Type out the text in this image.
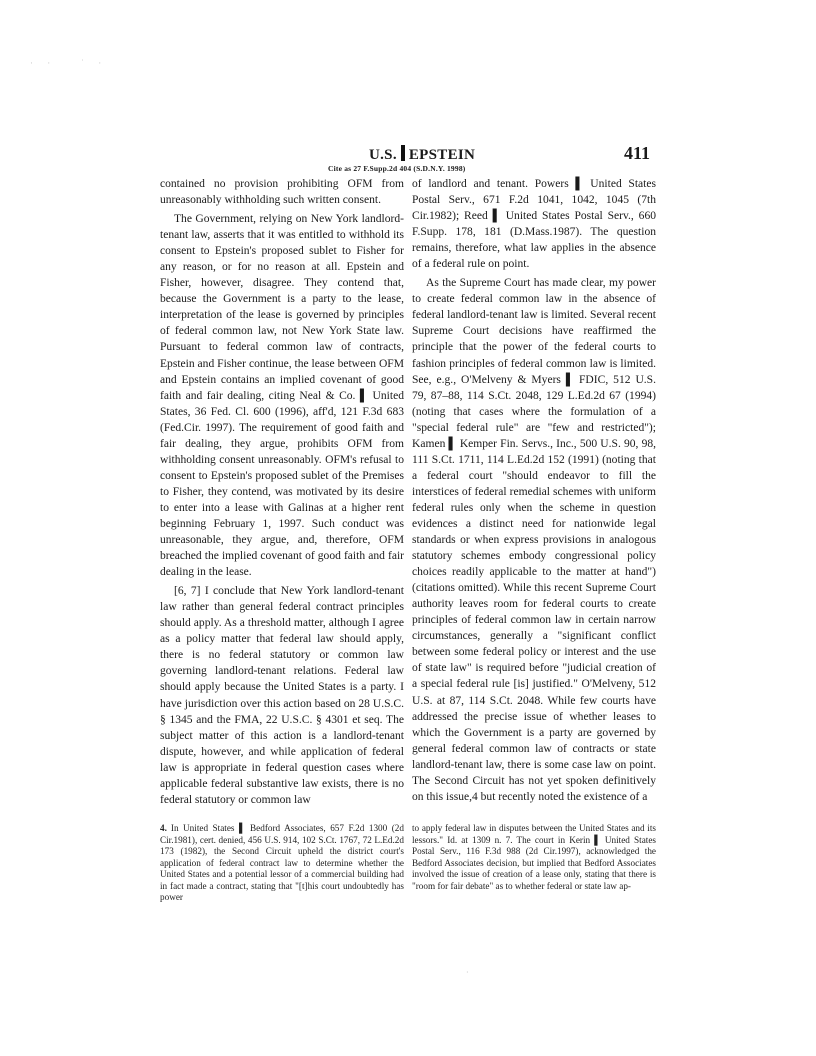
· ·   ˙ ·
U.S. EPSTEIN
Cite as 27 F.Supp.2d 404 (S.D.N.Y. 1998)
411

contained no provision prohibiting OFM from unreasonably withholding such written consent.

The Government, relying on New York landlord-tenant law, asserts that it was entitled to withhold its consent to Epstein's proposed sublet to Fisher for any reason, or for no reason at all. Epstein and Fisher, however, disagree. They contend that, because the Government is a party to the lease, interpretation of the lease is governed by principles of federal common law, not New York State law. Pursuant to federal common law of contracts, Epstein and Fisher continue, the lease between OFM and Epstein contains an implied covenant of good faith and fair dealing, citing Neal & Co. ▌ United States, 36 Fed. Cl. 600 (1996), aff'd, 121 F.3d 683 (Fed.Cir. 1997). The requirement of good faith and fair dealing, they argue, prohibits OFM from withholding consent unreasonably. OFM's refusal to consent to Epstein's proposed sublet of the Premises to Fisher, they contend, was motivated by its desire to enter into a lease with Galinas at a higher rent beginning February 1, 1997. Such conduct was unreasonable, they argue, and, therefore, OFM breached the implied covenant of good faith and fair dealing in the lease.

[6, 7] I conclude that New York landlord-tenant law rather than general federal contract principles should apply. As a threshold matter, although I agree as a policy matter that federal law should apply, there is no federal statutory or common law governing landlord-tenant relations. Federal law should apply because the United States is a party. I have jurisdiction over this action based on 28 U.S.C. § 1345 and the FMA, 22 U.S.C. § 4301 et seq. The subject matter of this action is a landlord-tenant dispute, however, and while application of federal law is appropriate in federal question cases where applicable federal substantive law exists, there is no federal statutory or common law

of landlord and tenant. Powers ▌ United States Postal Serv., 671 F.2d 1041, 1042, 1045 (7th Cir.1982); Reed ▌ United States Postal Serv., 660 F.Supp. 178, 181 (D.Mass.1987). The question remains, therefore, what law applies in the absence of a federal rule on point.

As the Supreme Court has made clear, my power to create federal common law in the absence of federal landlord-tenant law is limited. Several recent Supreme Court decisions have reaffirmed the principle that the power of the federal courts to fashion principles of federal common law is limited. See, e.g., O'Melveny & Myers ▌ FDIC, 512 U.S. 79, 87–88, 114 S.Ct. 2048, 129 L.Ed.2d 67 (1994) (noting that cases where the formulation of a "special federal rule" are "few and restricted"); Kamen ▌ Kemper Fin. Servs., Inc., 500 U.S. 90, 98, 111 S.Ct. 1711, 114 L.Ed.2d 152 (1991) (noting that a federal court "should endeavor to fill the interstices of federal remedial schemes with uniform federal rules only when the scheme in question evidences a distinct need for nationwide legal standards or when express provisions in analogous statutory schemes embody congressional policy choices readily applicable to the matter at hand") (citations omitted). While this recent Supreme Court authority leaves room for federal courts to create principles of federal common law in certain narrow circumstances, generally a "significant conflict between some federal policy or interest and the use of state law" is required before "judicial creation of a special federal rule [is] justified." O'Melveny, 512 U.S. at 87, 114 S.Ct. 2048. While few courts have addressed the precise issue of whether leases to which the Government is a party are governed by general federal common law of contracts or state landlord-tenant law, there is some case law on point. The Second Circuit has not yet spoken definitively on this issue,4 but recently noted the existence of a

4. In United States ▌ Bedford Associates, 657 F.2d 1300 (2d Cir.1981), cert. denied, 456 U.S. 914, 102 S.Ct. 1767, 72 L.Ed.2d 173 (1982), the Second Circuit upheld the district court's application of federal contract law to determine whether the United States and a potential lessor of a commercial building had in fact made a contract, stating that "[t]his court undoubtedly has power

to apply federal law in disputes between the United States and its lessors." Id. at 1309 n. 7. The court in Kerin ▌ United States Postal Serv., 116 F.3d 988 (2d Cir.1997), acknowledged the Bedford Associates decision, but implied that Bedford Associates involved the issue of creation of a lease only, stating that there is "room for fair debate" as to whether federal or state law ap-

·
